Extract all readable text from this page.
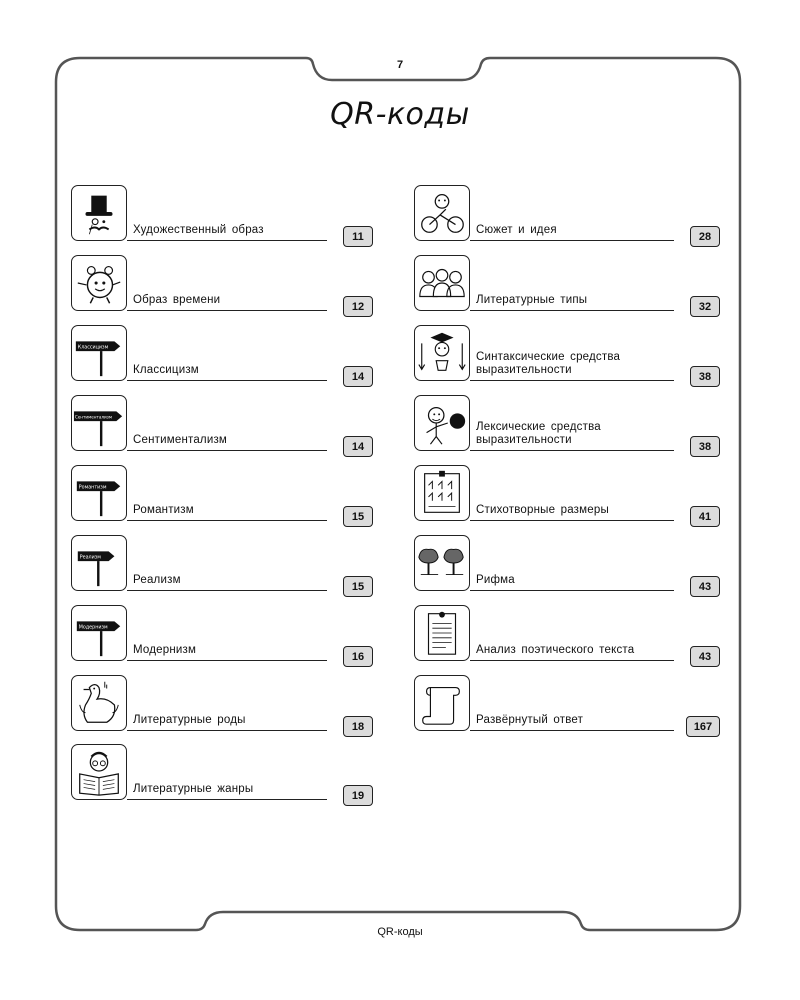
7
QR-коды
Художественный образ
11
Образ времени
12
Классицизм
Классицизм
14
Сентиментализм
Сентиментализм
14
Романтизм
Романтизм
15
Реализм
Реализм
15
Модернизм
Модернизм
16
Литературные роды
18
Литературные жанры
19
Сюжет и идея
28
Литературные типы
32
Синтаксические средства выразительности
38
Лексические средства выразительности
38
Стихотворные размеры
41
Рифма
43
Анализ поэтического текста
43
Развёрнутый ответ
167
QR-коды
